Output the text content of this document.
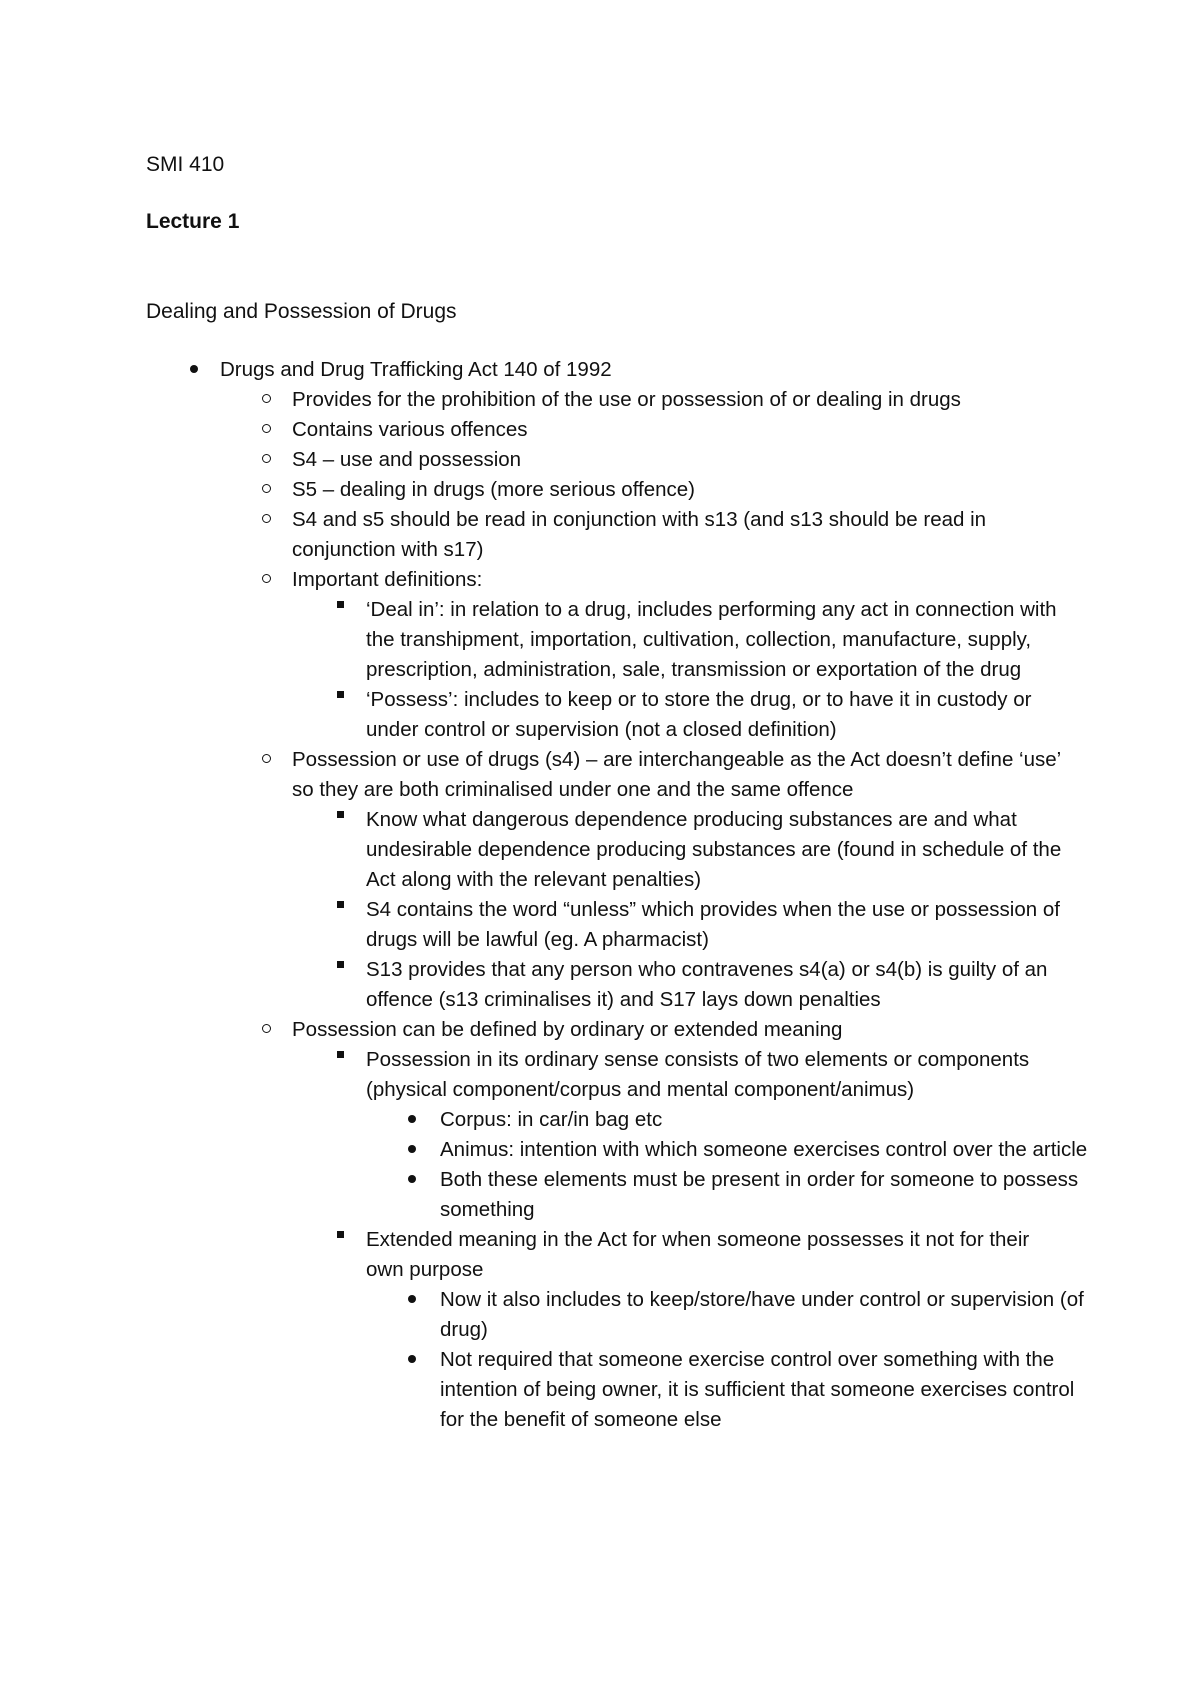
SMI 410

Lecture 1

Dealing and Possession of Drugs

Drugs and Drug Trafficking Act 140 of 1992
Provides for the prohibition of the use or possession of or dealing in drugs
Contains various offences
S4 – use and possession
S5 – dealing in drugs (more serious offence)
S4 and s5 should be read in conjunction with s13 (and s13 should be read in conjunction with s17)
Important definitions:
‘Deal in’: in relation to a drug, includes performing any act in connection with the transhipment, importation, cultivation, collection, manufacture, supply, prescription, administration, sale, transmission or exportation of the drug
‘Possess’: includes to keep or to store the drug, or to have it in custody or under control or supervision (not a closed definition)
Possession or use of drugs (s4) – are interchangeable as the Act doesn’t define ‘use’ so they are both criminalised under one and the same offence
Know what dangerous dependence producing substances are and what undesirable dependence producing substances are (found in schedule of the Act along with the relevant penalties)
S4 contains the word “unless” which provides when the use or possession of drugs will be lawful (eg. A pharmacist)
S13 provides that any person who contravenes s4(a) or s4(b) is guilty of an offence (s13 criminalises it) and S17 lays down penalties
Possession can be defined by ordinary or extended meaning
Possession in its ordinary sense consists of two elements or components (physical component/corpus and mental component/animus)
Corpus: in car/in bag etc
Animus: intention with which someone exercises control over the article
Both these elements must be present in order for someone to possess something
Extended meaning in the Act for when someone possesses it not for their own purpose
Now it also includes to keep/store/have under control or supervision (of drug)
Not required that someone exercise control over something with the intention of being owner, it is sufficient that someone exercises control for the benefit of someone else
